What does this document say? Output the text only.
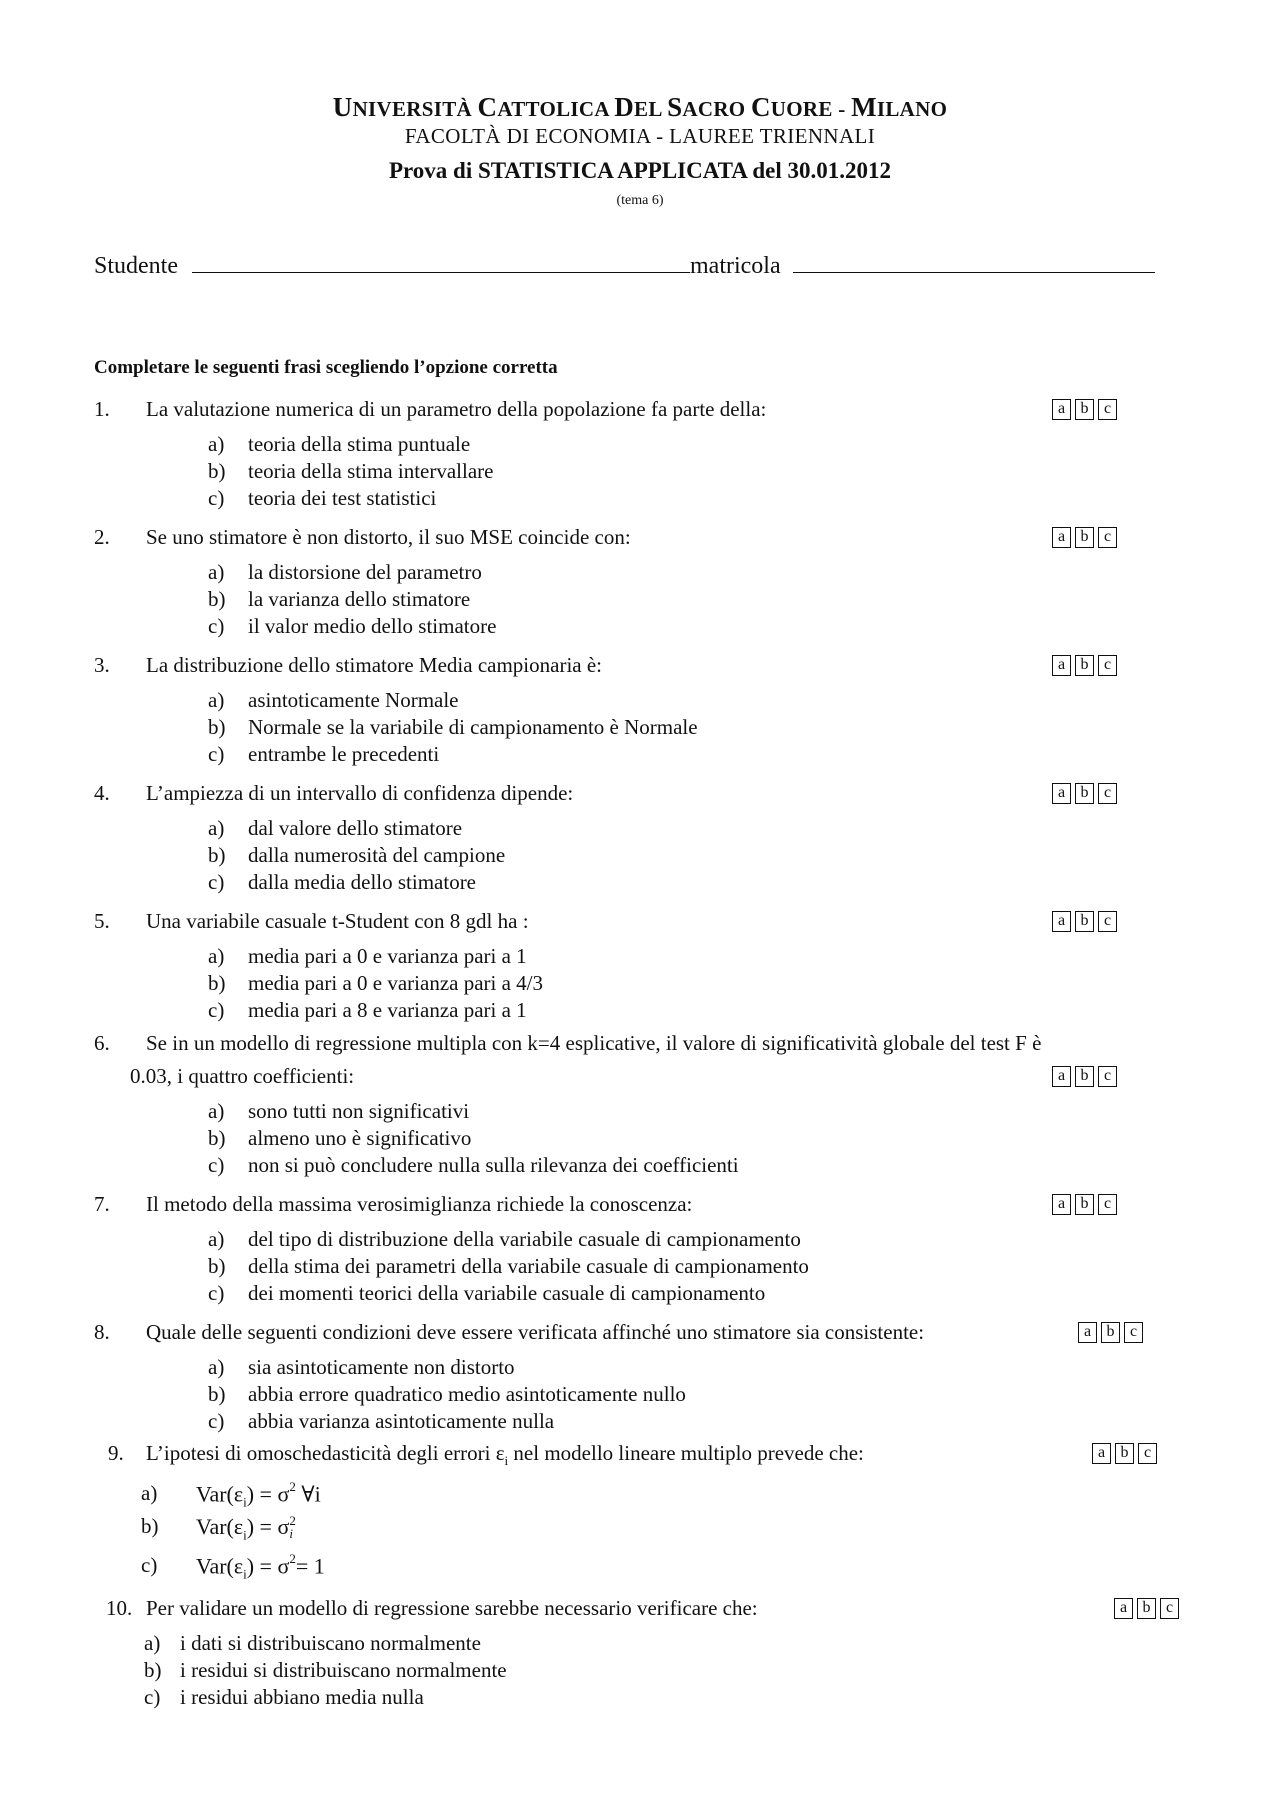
UNIVERSITÀ CATTOLICA DEL SACRO CUORE - MILANO
FACOLTÀ DI ECONOMIA - LAUREE TRIENNALI
Prova di STATISTICA APPLICATA del 30.01.2012
(tema 6)
Studente	matricola
Completare le seguenti frasi scegliendo l’opzione corretta
1. La valutazione numerica di un parametro della popolazione fa parte della:	a b c
a) teoria della stima puntuale
b) teoria della stima intervallare
c) teoria dei test statistici
2. Se uno stimatore è non distorto, il suo MSE coincide con:	a b c
a) la distorsione del parametro
b) la varianza dello stimatore
c) il valor medio dello stimatore
3. La distribuzione dello stimatore Media campionaria è:	a b c
a) asintoticamente Normale
b) Normale se la variabile di campionamento è Normale
c) entrambe le precedenti
4. L’ampiezza di un intervallo di confidenza dipende:	a b c
a) dal valore dello stimatore
b) dalla numerosità del campione
c) dalla media dello stimatore
5. Una variabile casuale t-Student con 8 gdl ha :	a b c
a) media pari a 0 e varianza pari a 1
b) media pari a 0 e varianza pari a 4/3
c) media pari a 8 e varianza pari a 1
6. Se in un modello di regressione multipla con k=4 esplicative, il valore di significatività globale del test F è
0.03, i quattro coefficienti:	a b c
a) sono tutti non significativi
b) almeno uno è significativo
c) non si può concludere nulla sulla rilevanza dei coefficienti
7. Il metodo della massima verosimiglianza richiede la conoscenza:	a b c
a) del tipo di distribuzione della variabile casuale di campionamento
b) della stima dei parametri della variabile casuale di campionamento
c) dei momenti teorici della variabile casuale di campionamento
8. Quale delle seguenti condizioni deve essere verificata affinché uno stimatore sia consistente:	a b c
a) sia asintoticamente non distorto
b) abbia errore quadratico medio asintoticamente nullo
c) abbia varianza asintoticamente nulla
9. L’ipotesi di omoschedasticità degli errori $\varepsilon_i$ nel modello lineare multiplo prevede che:	a b c
a) $Var(\varepsilon_i) = \sigma^2$ ∀i
b) $Var(\varepsilon_i) = \sigma$ 2
i
c) $Var(\varepsilon_i) = \sigma^2= 1$
10. Per validare un modello di regressione sarebbe necessario verificare che:	a b c
a) i dati si distribuiscano normalmente
b) i residui si distribuiscano normalmente
c) i residui abbiano media nulla
